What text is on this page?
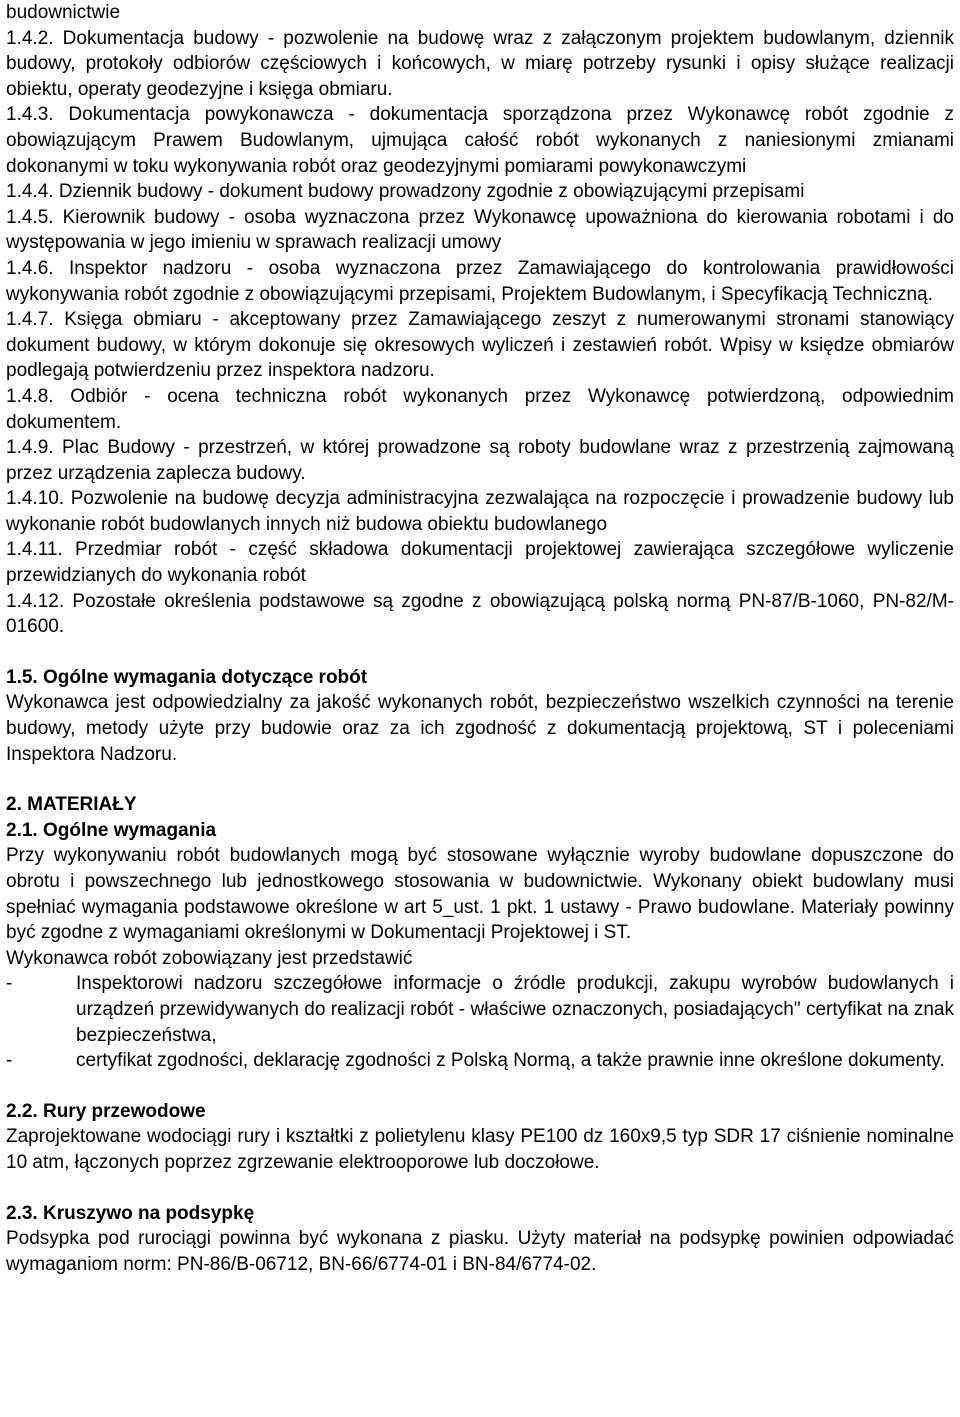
budownictwie

1.4.2. Dokumentacja budowy - pozwolenie na budowę wraz z załączonym projektem budowlanym, dziennik budowy, protokoły odbiorów częściowych i końcowych, w miarę potrzeby rysunki i opisy służące realizacji obiektu, operaty geodezyjne i księga obmiaru.

1.4.3. Dokumentacja powykonawcza - dokumentacja sporządzona przez Wykonawcę robót zgodnie z obowiązującym Prawem Budowlanym, ujmująca całość robót wykonanych z naniesionymi zmianami dokonanymi w toku wykonywania robót oraz geodezyjnymi pomiarami powykonawczymi

1.4.4. Dziennik budowy - dokument budowy prowadzony zgodnie z obowiązującymi przepisami

1.4.5. Kierownik budowy - osoba wyznaczona przez Wykonawcę upoważniona do kierowania robotami i do występowania w jego imieniu w sprawach realizacji umowy

1.4.6. Inspektor nadzoru - osoba wyznaczona przez Zamawiającego do kontrolowania prawidłowości wykonywania robót zgodnie z obowiązującymi przepisami, Projektem Budowlanym, i Specyfikacją Techniczną.

1.4.7. Księga obmiaru - akceptowany przez Zamawiającego zeszyt z numerowanymi stronami stanowiący dokument budowy, w którym dokonuje się okresowych wyliczeń i zestawień robót. Wpisy w księdze obmiarów podlegają potwierdzeniu przez inspektora nadzoru.

1.4.8. Odbiór - ocena techniczna robót wykonanych przez Wykonawcę potwierdzoną, odpowiednim dokumentem.

1.4.9. Plac Budowy - przestrzeń, w której prowadzone są roboty budowlane wraz z przestrzenią zajmowaną przez urządzenia zaplecza budowy.

1.4.10. Pozwolenie na budowę decyzja administracyjna zezwalająca na rozpoczęcie i prowadzenie budowy lub wykonanie robót budowlanych innych niż budowa obiektu budowlanego

1.4.11. Przedmiar robót - część składowa dokumentacji projektowej zawierająca szczegółowe wyliczenie przewidzianych do wykonania robót

1.4.12. Pozostałe określenia podstawowe są zgodne z obowiązującą polską normą PN-87/B-1060, PN-82/M-01600.

1.5. Ogólne wymagania dotyczące robót

Wykonawca jest odpowiedzialny za jakość wykonanych robót, bezpieczeństwo wszelkich czynności na terenie budowy, metody użyte przy budowie oraz za ich zgodność z dokumentacją projektową, ST i poleceniami Inspektora Nadzoru.

2. MATERIAŁY

2.1. Ogólne wymagania

Przy wykonywaniu robót budowlanych mogą być stosowane wyłącznie wyroby budowlane dopuszczone do obrotu i powszechnego lub jednostkowego stosowania w budownictwie. Wykonany obiekt budowlany musi spełniać wymagania podstawowe określone w art 5_ust. 1 pkt. 1 ustawy - Prawo budowlane. Materiały powinny być zgodne z wymaganiami określonymi w Dokumentacji Projektowej i ST.

Wykonawca robót zobowiązany jest przedstawić

-	Inspektorowi nadzoru szczegółowe informacje o źródle produkcji, zakupu wyrobów budowlanych i urządzeń przewidywanych do realizacji robót - właściwe oznaczonych, posiadających" certyfikat na znak bezpieczeństwa,
-	certyfikat zgodności, deklarację zgodności z Polską Normą, a także prawnie inne określone dokumenty.

2.2. Rury przewodowe

Zaprojektowane wodociągi rury i kształtki z polietylenu klasy PE100 dz 160x9,5 typ SDR 17 ciśnienie nominalne 10 atm, łączonych poprzez zgrzewanie elektrooporowe lub doczołowe.

2.3. Kruszywo na podsypkę

Podsypka pod rurociągi powinna być wykonana z piasku. Użyty materiał na podsypkę powinien odpowiadać wymaganiom norm: PN-86/B-06712, BN-66/6774-01 i BN-84/6774-02.
